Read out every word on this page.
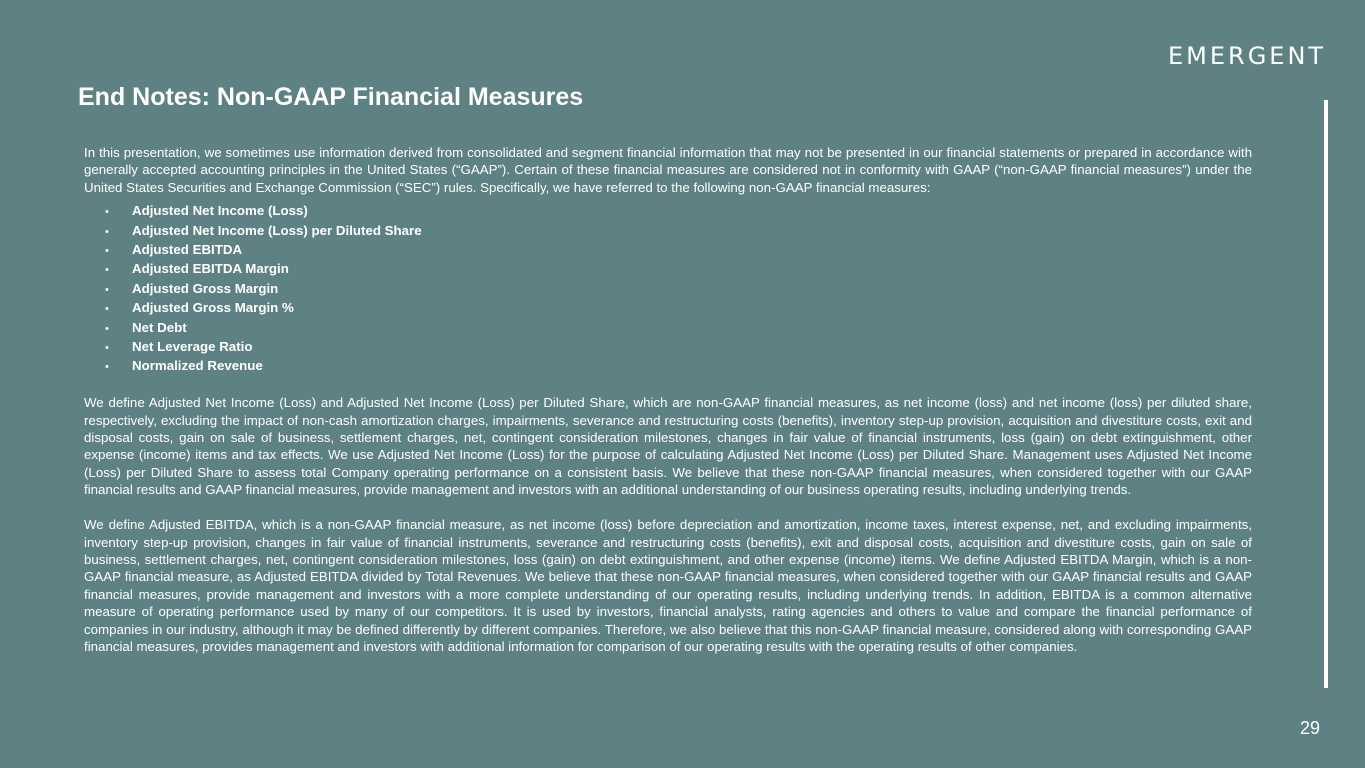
EMERGENT
End Notes: Non-GAAP Financial Measures

In this presentation, we sometimes use information derived from consolidated and segment financial information that may not be presented in our financial statements or prepared in accordance with generally accepted accounting principles in the United States (“GAAP”). Certain of these financial measures are considered not in conformity with GAAP (“non-GAAP financial measures”) under the United States Securities and Exchange Commission (“SEC”) rules. Specifically, we have referred to the following non-GAAP financial measures:

• Adjusted Net Income (Loss)
• Adjusted Net Income (Loss) per Diluted Share
• Adjusted EBITDA
• Adjusted EBITDA Margin
• Adjusted Gross Margin
• Adjusted Gross Margin %
• Net Debt
• Net Leverage Ratio
• Normalized Revenue

We define Adjusted Net Income (Loss) and Adjusted Net Income (Loss) per Diluted Share, which are non-GAAP financial measures, as net income (loss) and net income (loss) per diluted share, respectively, excluding the impact of non-cash amortization charges, impairments, severance and restructuring costs (benefits), inventory step-up provision, acquisition and divestiture costs, exit and disposal costs, gain on sale of business, settlement charges, net, contingent consideration milestones, changes in fair value of financial instruments, loss (gain) on debt extinguishment, other expense (income) items and tax effects. We use Adjusted Net Income (Loss) for the purpose of calculating Adjusted Net Income (Loss) per Diluted Share. Management uses Adjusted Net Income (Loss) per Diluted Share to assess total Company operating performance on a consistent basis. We believe that these non-GAAP financial measures, when considered together with our GAAP financial results and GAAP financial measures, provide management and investors with an additional understanding of our business operating results, including underlying trends.

We define Adjusted EBITDA, which is a non-GAAP financial measure, as net income (loss) before depreciation and amortization, income taxes, interest expense, net, and excluding impairments, inventory step-up provision, changes in fair value of financial instruments, severance and restructuring costs (benefits), exit and disposal costs, acquisition and divestiture costs, gain on sale of business, settlement charges, net, contingent consideration milestones, loss (gain) on debt extinguishment, and other expense (income) items. We define Adjusted EBITDA Margin, which is a non-GAAP financial measure, as Adjusted EBITDA divided by Total Revenues. We believe that these non-GAAP financial measures, when considered together with our GAAP financial results and GAAP financial measures, provide management and investors with a more complete understanding of our operating results, including underlying trends. In addition, EBITDA is a common alternative measure of operating performance used by many of our competitors. It is used by investors, financial analysts, rating agencies and others to value and compare the financial performance of companies in our industry, although it may be defined differently by different companies. Therefore, we also believe that this non-GAAP financial measure, considered along with corresponding GAAP financial measures, provides management and investors with additional information for comparison of our operating results with the operating results of other companies.

29
